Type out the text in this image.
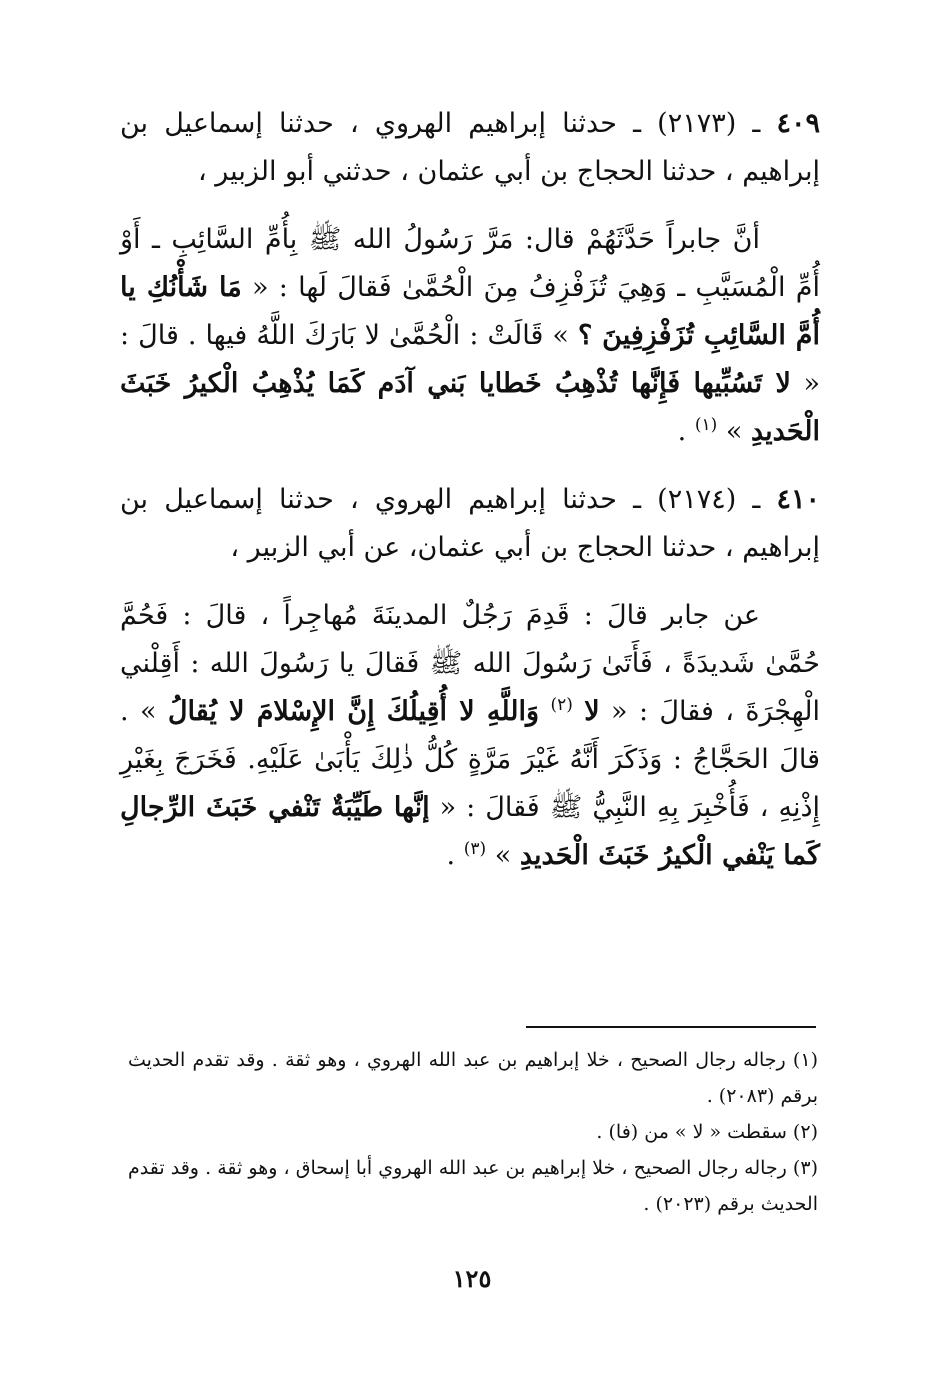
٤٠٩ ـ (٢١٧٣) ـ حدثنا إبراهيم الهروي ، حدثنا إسماعيل بن إبراهيم ، حدثنا الحجاج بن أبي عثمان ، حدثني أبو الزبير ،

أنَّ جابراً حَدَّثَهُمْ قال: مَرَّ رَسُولُ الله ﷺ بِأُمِّ السَّائِبِ ـ أَوْ أُمِّ الْمُسَيَّبِ ـ وَهِيَ تُزَفْزِفُ مِنَ الْحُمَّىٰ فَقالَ لَها : « مَا شَأْنُكِ يا أُمَّ السَّائِبِ تُزَفْزِفِينَ ؟ » قَالَتْ : الْحُمَّىٰ لا بَارَكَ اللَّهُ فيها . قالَ : « لا تَسُبِّيها فَإِنَّها تُذْهِبُ خَطايا بَني آدَم كَمَا يُذْهِبُ الْكيرُ خَبَثَ الْحَديدِ » $^{(١)}$ .

٤١٠ ـ (٢١٧٤) ـ حدثنا إبراهيم الهروي ، حدثنا إسماعيل بن إبراهيم ، حدثنا الحجاج بن أبي عثمان، عن أبي الزبير ،

عن جابر قالَ : قَدِمَ رَجُلٌ المدينَةَ مُهاجِراً ، قالَ : فَحُمَّ حُمَّىٰ شَديدَةً ، فَأَتَىٰ رَسُولَ الله ﷺ فَقالَ يا رَسُولَ الله : أَقِلْني الْهِجْرَةَ ، فقالَ : « لا $^{(٢)}$ وَاللَّهِ لا أُقِيلُكَ إِنَّ الإِسْلامَ لا يُقالُ » . قالَ الحَجَّاجُ : وَذَكَرَ أَنَّهُ غَيْرَ مَرَّةٍ كُلُّ ذٰلِكَ يَأْبَىٰ عَلَيْهِ. فَخَرَجَ بِغَيْرِ إِذْنِهِ ، فَأُخْبِرَ بِهِ النَّبِيُّ ﷺ فَقالَ : « إنَّها طَيِّبَةٌ تَنْفي خَبَثَ الرِّجالِ كَما يَنْفي الْكيرُ خَبَثَ الْحَديدِ » $^{(٣)}$ .

(١) رجاله رجال الصحيح ، خلا إبراهيم بن عبد الله الهروي ، وهو ثقة . وقد تقدم الحديث برقم (٢٠٨٣) .

(٢) سقطت « لا » من (فا) .

(٣) رجاله رجال الصحيح ، خلا إبراهيم بن عبد الله الهروي أبا إسحاق ، وهو ثقة . وقد تقدم الحديث برقم (٢٠٢٣) .

١٢٥
